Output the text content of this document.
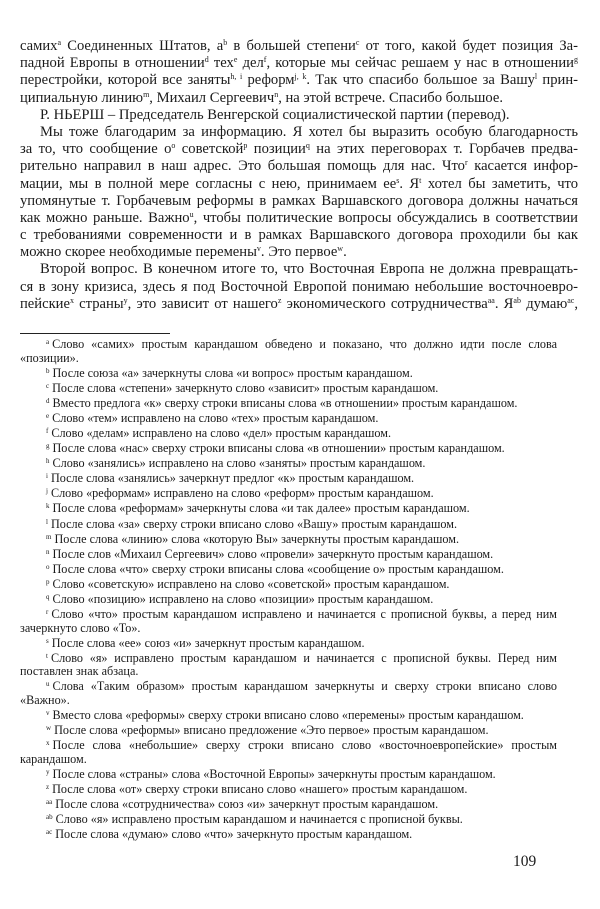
самих$^a$ Соединенных Штатов, $а^b$ в большей степени$^c$ от того, какой будет позиция За-
падной Европы в отношении$^d$ тех$^e$ дел$^f$, которые мы сейчас решаем у нас в отношении$^g$
перестройки, которой все заняты$^{h, i}$ реформ$^{j, k}$. Так что спасибо большое за Вашу$^l$ прин-
ципиальную линию$^m$, Михаил Сергеевич$^n$, на этой встрече. Спасибо большое.
Р. НЬЕРШ – Председатель Венгерской социалистической партии (перевод).
Мы тоже благодарим за информацию. Я хотел бы выразить особую благодарность
за то, что сообщение $о^o$ советской$^p$ позиции$^q$ на этих переговорах т. Горбачев предва-
рительно направил в наш адрес. Это большая помощь для нас. Что$^r$ касается инфор-
мации, мы в полной мере согласны с нею, принимаем $ее^s$. $Я^t$ хотел бы заметить, что
упомянутые т. Горбачевым реформы в рамках Варшавского договора должны начаться
как можно раньше. Важно$^u$, чтобы политические вопросы обсуждались в соответствии
с требованиями современности и в рамках Варшавского договора проходили бы как
можно скорее необходимые перемены$^v$. Это первое$^w$.
Второй вопрос. В конечном итоге то, что Восточная Европа не должна превращать-
ся в зону кризиса, здесь я под Восточной Европой понимаю небольшие восточноевро-
пейские$^x$ страны$^y$, это зависит от нашего$^z$ экономического сотрудничества$^{aa}$. $Я^{ab}$ думаю$^{ac}$,
$^a$ Слово «самих» простым карандашом обведено и показано, что должно идти после слова «позиции».
$^b$ После союза «а» зачеркнуты слова «и вопрос» простым карандашом.
$^c$ После слова «степени» зачеркнуто слово «зависит» простым карандашом.
$^d$ Вместо предлога «к» сверху строки вписаны слова «в отношении» простым карандашом.
$^e$ Слово «тем» исправлено на слово «тех» простым карандашом.
$^f$ Слово «делам» исправлено на слово «дел» простым карандашом.
$^g$ После слова «нас» сверху строки вписаны слова «в отношении» простым карандашом.
$^h$ Слово «занялись» исправлено на слово «заняты» простым карандашом.
$^i$ После слова «занялись» зачеркнут предлог «к» простым карандашом.
$^j$ Слово «реформам» исправлено на слово «реформ» простым карандашом.
$^k$ После слова «реформам» зачеркнуты слова «и так далее» простым карандашом.
$^l$ После слова «за» сверху строки вписано слово «Вашу» простым карандашом.
$^m$ После слова «линию» слова «которую Вы» зачеркнуты простым карандашом.
$^n$ После слов «Михаил Сергеевич» слово «провели» зачеркнуто простым карандашом.
$^o$ После слова «что» сверху строки вписаны слова «сообщение о» простым карандашом.
$^p$ Слово «советскую» исправлено на слово «советской» простым карандашом.
$^q$ Слово «позицию» исправлено на слово «позиции» простым карандашом.
$^r$ Слово «что» простым карандашом исправлено и начинается с прописной буквы, а перед ним зачеркнуто слово «То».
$^s$ После слова «ее» союз «и» зачеркнут простым карандашом.
$^t$ Слово «я» исправлено простым карандашом и начинается с прописной буквы. Перед ним поставлен знак абзаца.
$^u$ Слова «Таким образом» простым карандашом зачеркнуты и сверху строки вписано слово «Важно».
$^v$ Вместо слова «реформы» сверху строки вписано слово «перемены» простым карандашом.
$^w$ После слова «реформы» вписано предложение «Это первое» простым карандашом.
$^x$ После слова «небольшие» сверху строки вписано слово «восточноевропейские» простым карандашом.
$^y$ После слова «страны» слова «Восточной Европы» зачеркнуты простым карандашом.
$^z$ После слова «от» сверху строки вписано слово «нашего» простым карандашом.
$^{aa}$ После слова «сотрудничества» союз «и» зачеркнут простым карандашом.
$^{ab}$ Слово «я» исправлено простым карандашом и начинается с прописной буквы.
$^{ac}$ После слова «думаю» слово «что» зачеркнуто простым карандашом.
109
